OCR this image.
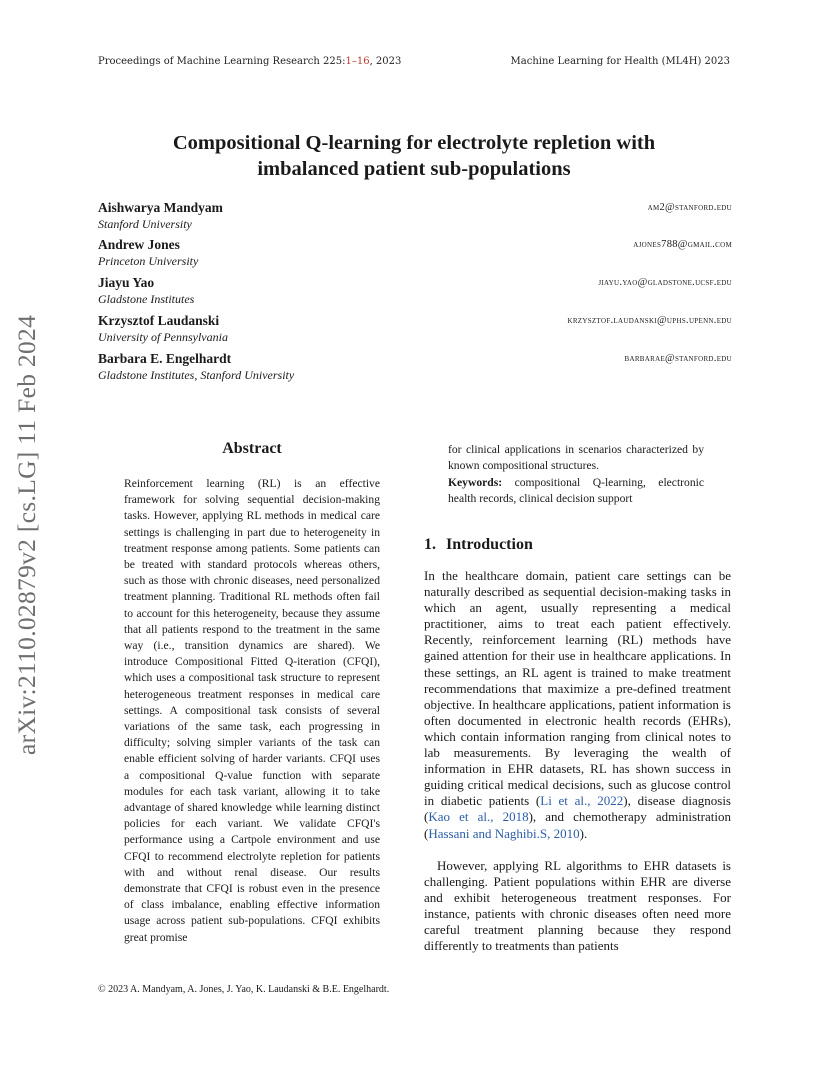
Proceedings of Machine Learning Research 225:1–16, 2023	Machine Learning for Health (ML4H) 2023
arXiv:2110.02879v2 [cs.LG] 11 Feb 2024
Compositional Q-learning for electrolyte repletion with
imbalanced patient sub-populations
Aishwarya Mandyam
Stanford University
am2@stanford.edu
Andrew Jones
Princeton University
ajones788@gmail.com
Jiayu Yao
Gladstone Institutes
jiayu.yao@gladstone.ucsf.edu
Krzysztof Laudanski
University of Pennsylvania
krzysztof.laudanski@uphs.upenn.edu
Barbara E. Engelhardt
Gladstone Institutes, Stanford University
barbarae@stanford.edu
Abstract
Reinforcement learning (RL) is an effective framework for solving sequential decision-making tasks. However, applying RL methods in medical care settings is challenging in part due to heterogeneity in treatment response among patients. Some patients can be treated with standard protocols whereas others, such as those with chronic diseases, need personalized treatment planning. Traditional RL methods often fail to account for this heterogeneity, because they assume that all patients respond to the treatment in the same way (i.e., transition dynamics are shared). We introduce Compositional Fitted Q-iteration (CFQI), which uses a compositional task structure to represent heterogeneous treatment responses in medical care settings. A compositional task consists of several variations of the same task, each progressing in difficulty; solving simpler variants of the task can enable efficient solving of harder variants. CFQI uses a compositional Q-value function with separate modules for each task variant, allowing it to take advantage of shared knowledge while learning distinct policies for each variant. We validate CFQI's performance using a Cartpole environment and use CFQI to recommend electrolyte repletion for patients with and without renal disease. Our results demonstrate that CFQI is robust even in the presence of class imbalance, enabling effective information usage across patient sub-populations. CFQI exhibits great promise
for clinical applications in scenarios characterized by known compositional structures.
Keywords: compositional Q-learning, electronic health records, clinical decision support
1. Introduction
In the healthcare domain, patient care settings can be naturally described as sequential decision-making tasks in which an agent, usually representing a medical practitioner, aims to treat each patient effectively. Recently, reinforcement learning (RL) methods have gained attention for their use in healthcare applications. In these settings, an RL agent is trained to make treatment recommendations that maximize a pre-defined treatment objective. In healthcare applications, patient information is often documented in electronic health records (EHRs), which contain information ranging from clinical notes to lab measurements. By leveraging the wealth of information in EHR datasets, RL has shown success in guiding critical medical decisions, such as glucose control in diabetic patients (Li et al., 2022), disease diagnosis (Kao et al., 2018), and chemotherapy administration (Hassani and Naghibi.S, 2010).
However, applying RL algorithms to EHR datasets is challenging. Patient populations within EHR are diverse and exhibit heterogeneous treatment responses. For instance, patients with chronic diseases often need more careful treatment planning because they respond differently to treatments than patients
© 2023 A. Mandyam, A. Jones, J. Yao, K. Laudanski & B.E. Engelhardt.
